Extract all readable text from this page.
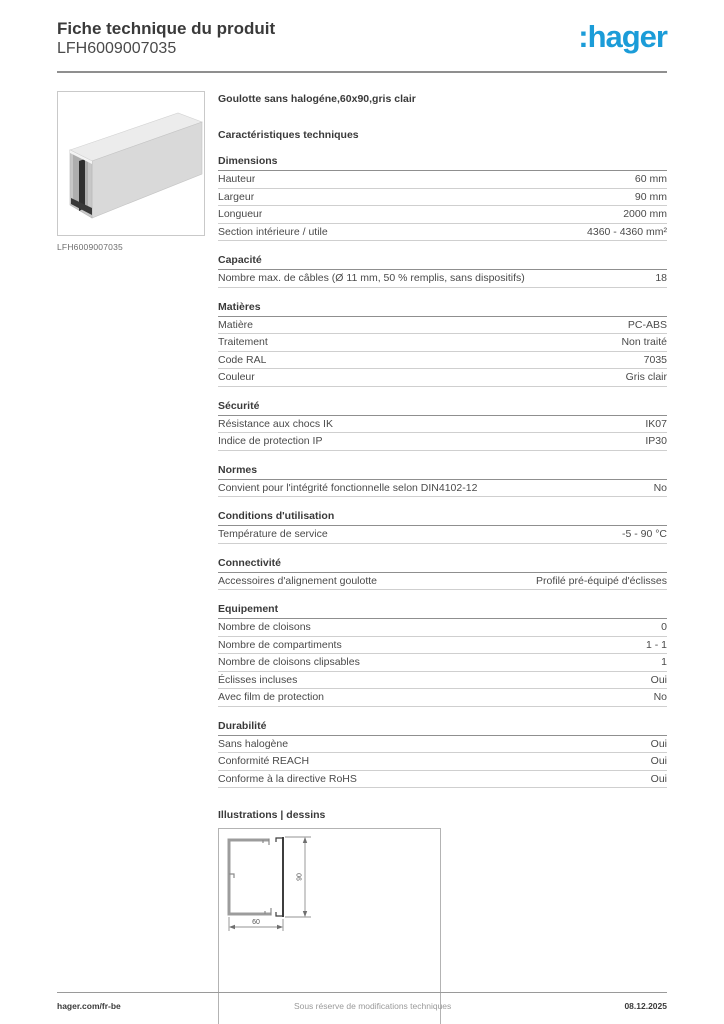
Fiche technique du produit
LFH6009007035	:hager
LFH6009007035
Goulotte sans halogéne,60x90,gris clair
Caractéristiques techniques
Dimensions
Hauteur	60 mm
Largeur	90 mm
Longueur	2000 mm
Section intérieure / utile	4360 - 4360 mm²
Capacité
Nombre max. de câbles (Ø 11 mm, 50 % remplis, sans dispositifs)	18
Matières
Matière	PC-ABS
Traitement	Non traité
Code RAL	7035
Couleur	Gris clair
Sécurité
Résistance aux chocs IK	IK07
Indice de protection IP	IP30
Normes
Convient pour l'intégrité fonctionnelle selon DIN4102-12	No
Conditions d'utilisation
Température de service	-5 - 90 °C
Connectivité
Accessoires d'alignement goulotte	Profilé pré-équipé d'éclisses
Equipement
Nombre de cloisons	0
Nombre de compartiments	1 - 1
Nombre de cloisons clipsables	1
Éclisses incluses	Oui
Avec film de protection	No
Durabilité
Sans halogène	Oui
Conformité REACH	Oui
Conforme à la directive RoHS	Oui
Illustrations | dessins
90
60
hager.com/fr-be	Sous réserve de modifications techniques	08.12.2025
